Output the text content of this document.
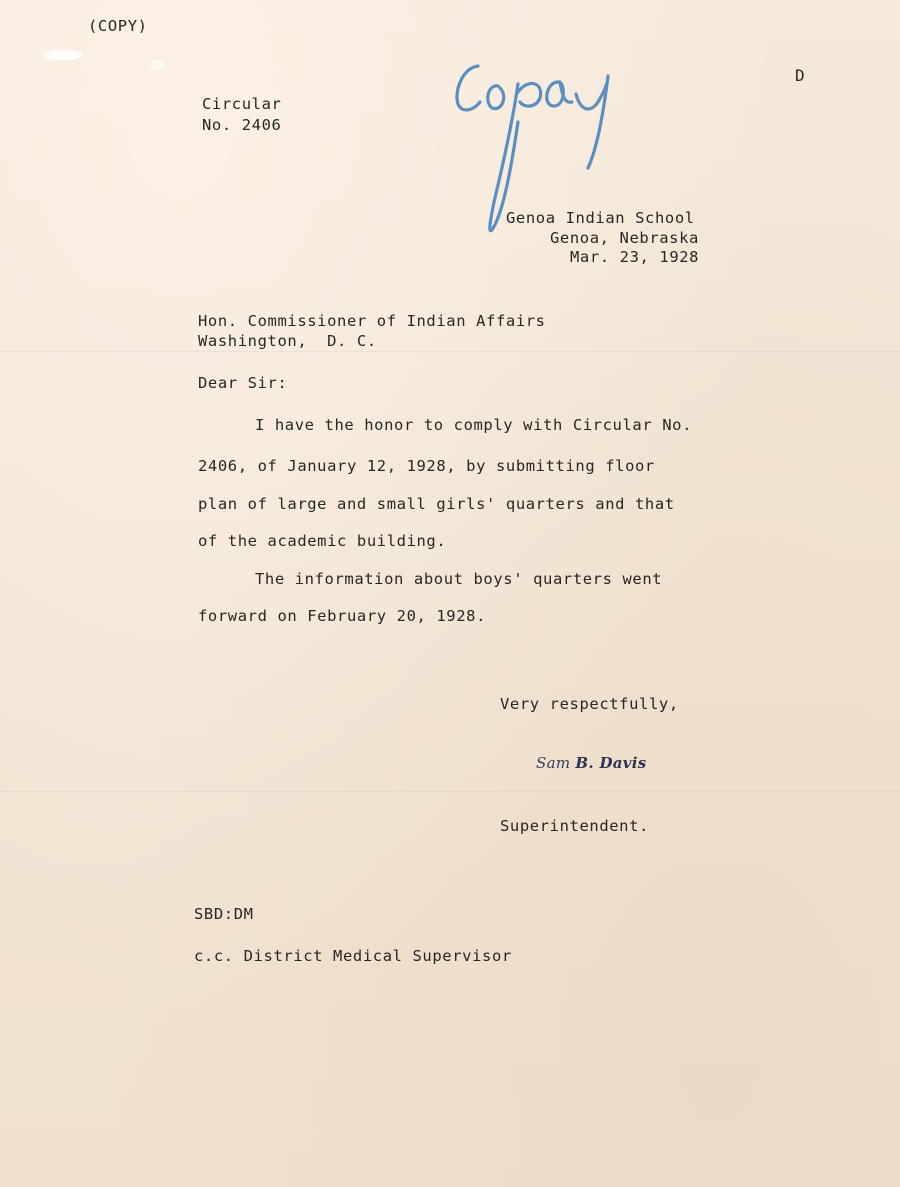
(COPY)
D
Circular
No. 2406
Copy
Genoa Indian School
Genoa, Nebraska
Mar. 23, 1928
Hon. Commissioner of Indian Affairs
Washington,  D. C.
Dear Sir:
I have the honor to comply with Circular No.
2406, of January 12, 1928, by submitting floor
plan of large and small girls' quarters and that
of the academic building.
The information about boys' quarters went
forward on February 20, 1928.
Very respectfully,
Sam B. Davis
Superintendent.
SBD:DM
c.c. District Medical Supervisor
